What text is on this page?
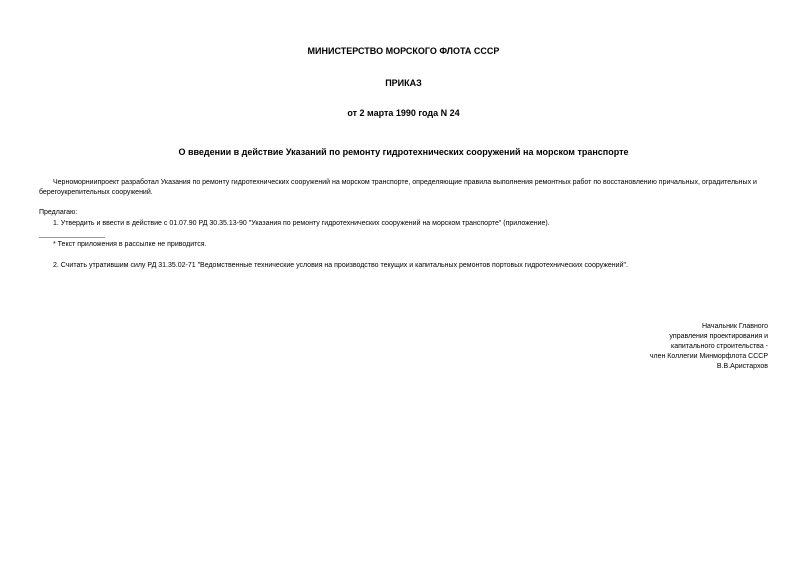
МИНИСТЕРСТВО МОРСКОГО ФЛОТА СССР
ПРИКАЗ
от 2 марта 1990 года N 24
О введении в действие Указаний по ремонту гидротехнических сооружений на морском транспорте
Черноморниипроект разработал Указания по ремонту гидротехнических сооружений на морском транспорте, определяющие правила выполнения ремонтных работ по восстановлению причальных, оградительных и берегоукрепительных сооружений.
Предлагаю:
1. Утвердить и ввести в действие с 01.07.90 РД 30.35.13-90 "Указания по ремонту гидротехнических сооружений на морском транспорте" (приложение).
* Текст приложения в рассылке не приводится.
2. Считать утратившим силу РД 31.35.02-71 "Ведомственные технические условия на производство текущих и капитальных ремонтов портовых гидротехнических сооружений".
Начальник Главного
управления проектирования и
капитального строительства -
член Коллегии Минморфлота СССР
В.В.Аристархов
